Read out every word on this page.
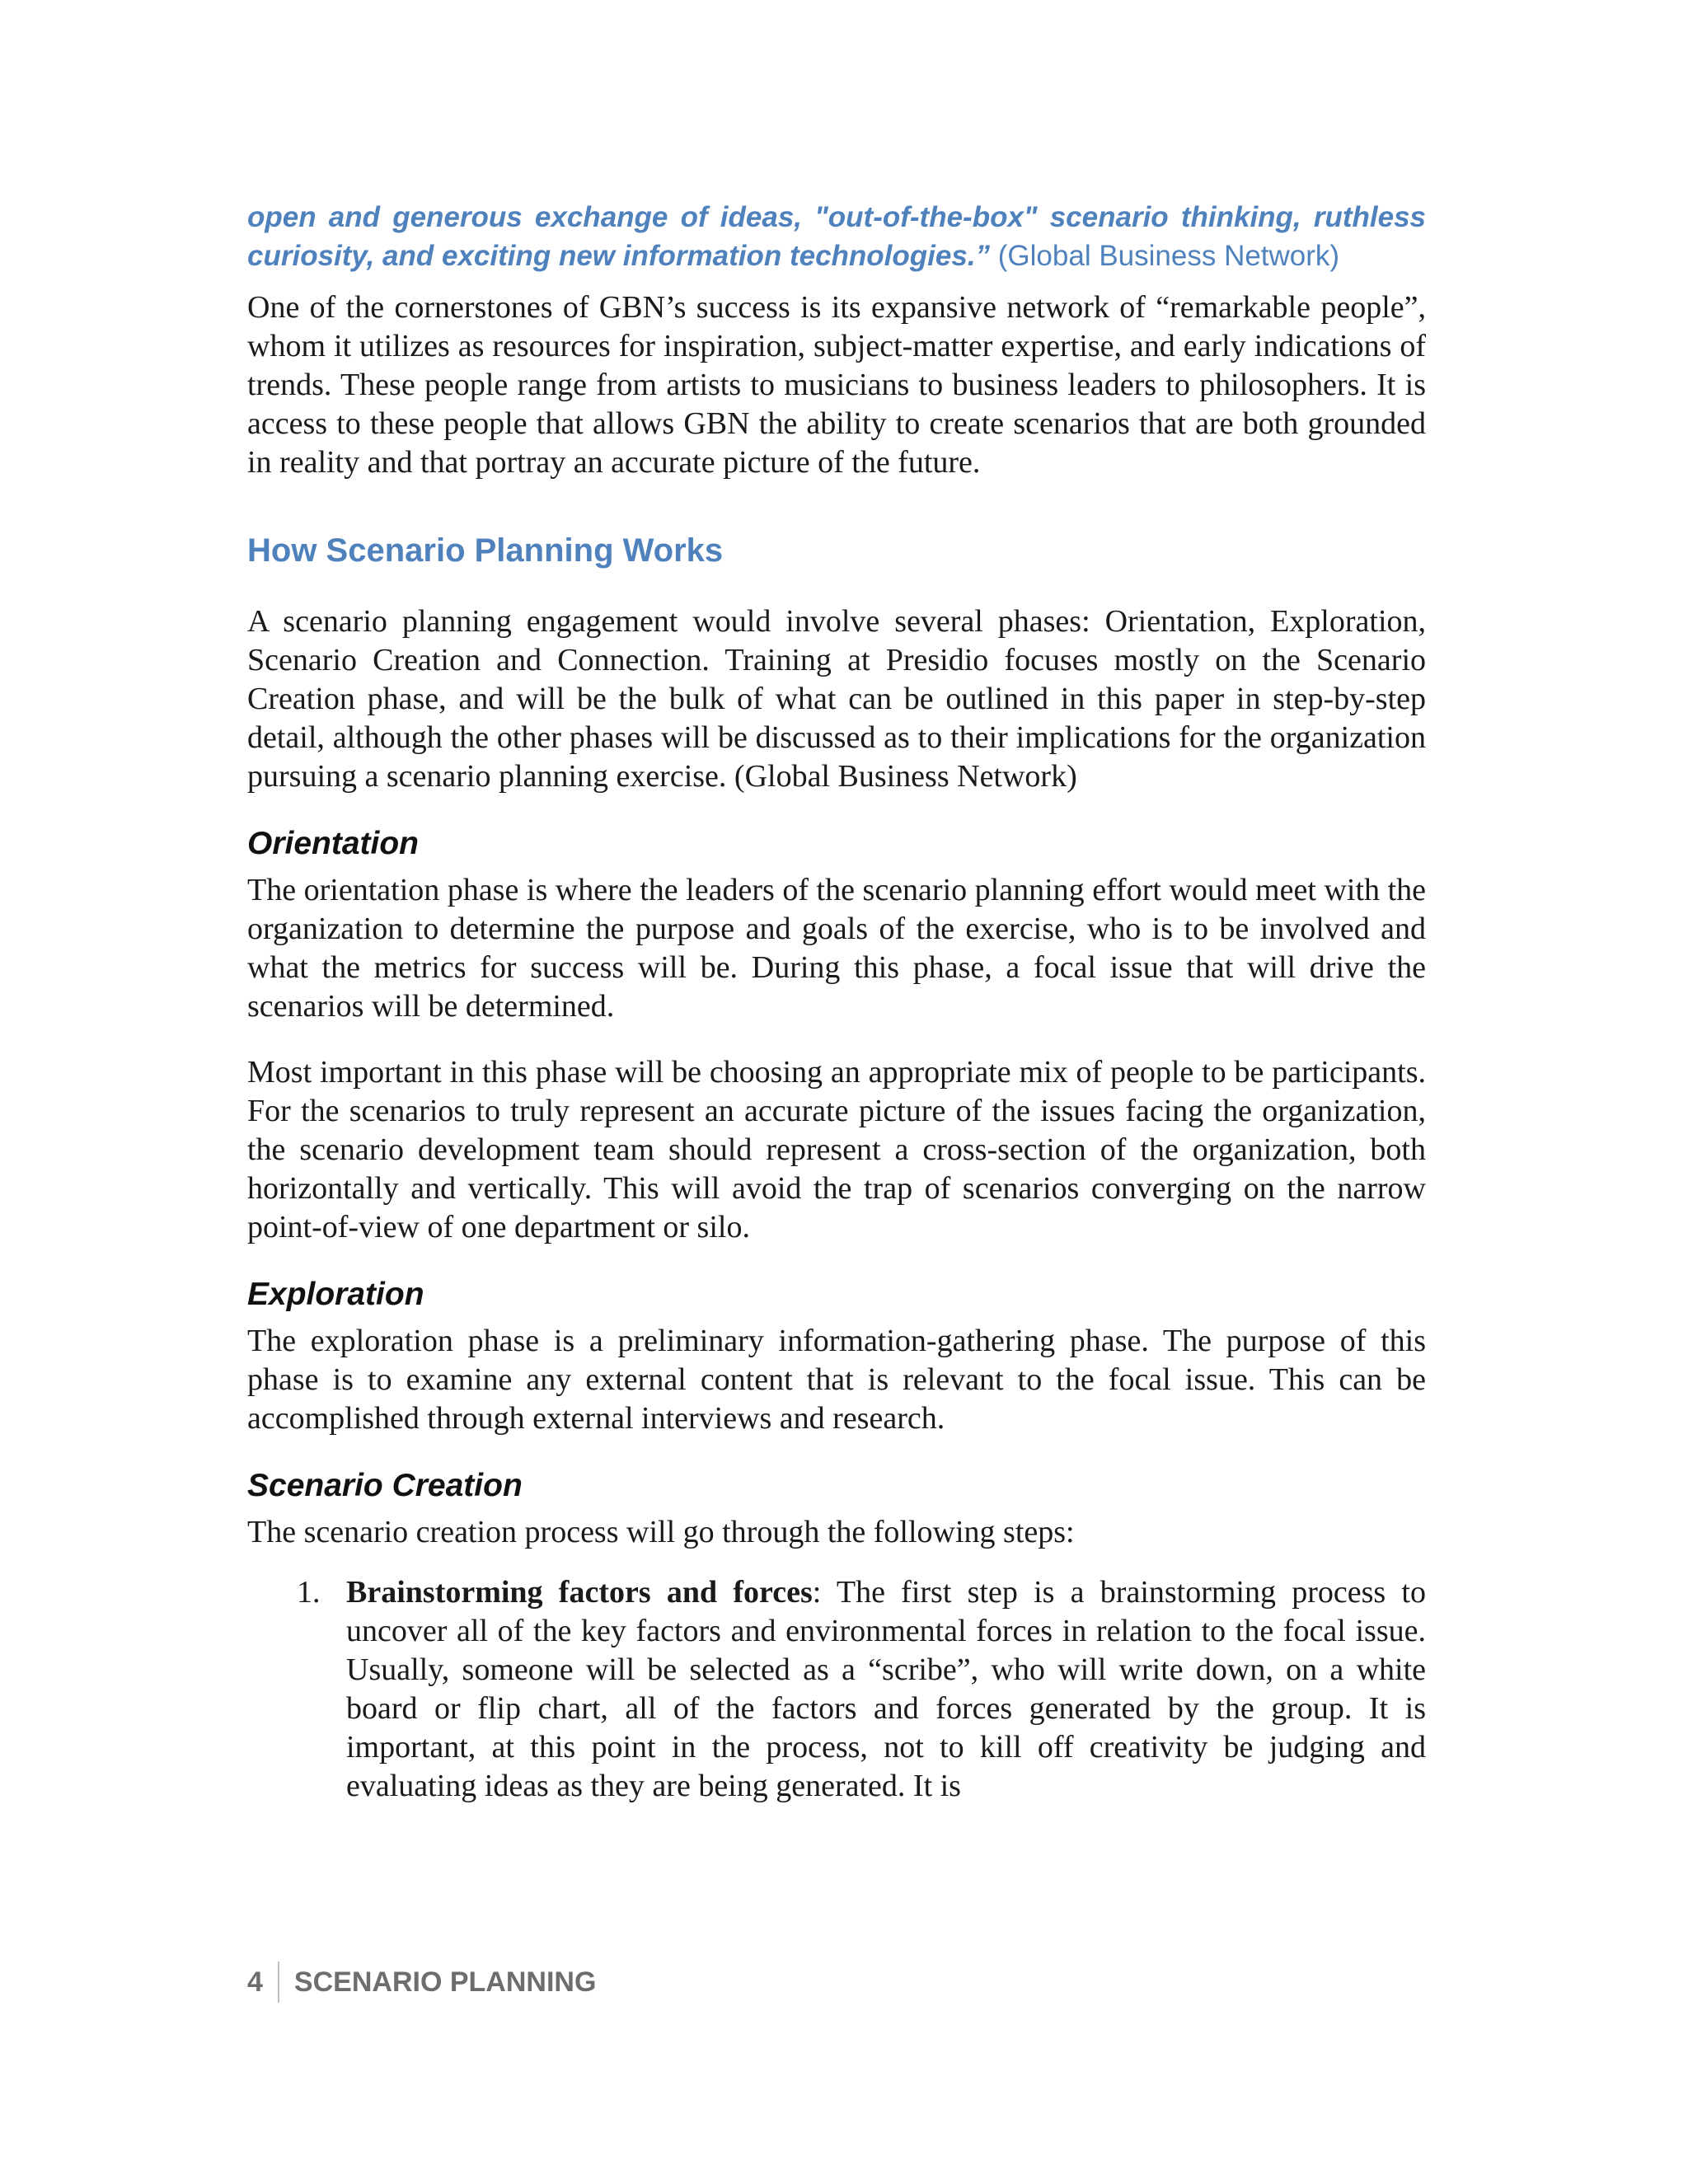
open and generous exchange of ideas, "out-of-the-box" scenario thinking, ruthless curiosity, and exciting new information technologies.” (Global Business Network)

One of the cornerstones of GBN’s success is its expansive network of “remarkable people”, whom it utilizes as resources for inspiration, subject-matter expertise, and early indications of trends. These people range from artists to musicians to business leaders to philosophers. It is access to these people that allows GBN the ability to create scenarios that are both grounded in reality and that portray an accurate picture of the future.

How Scenario Planning Works

A scenario planning engagement would involve several phases: Orientation, Exploration, Scenario Creation and Connection. Training at Presidio focuses mostly on the Scenario Creation phase, and will be the bulk of what can be outlined in this paper in step-by-step detail, although the other phases will be discussed as to their implications for the organization pursuing a scenario planning exercise. (Global Business Network)

Orientation

The orientation phase is where the leaders of the scenario planning effort would meet with the organization to determine the purpose and goals of the exercise, who is to be involved and what the metrics for success will be. During this phase, a focal issue that will drive the scenarios will be determined.

Most important in this phase will be choosing an appropriate mix of people to be participants. For the scenarios to truly represent an accurate picture of the issues facing the organization, the scenario development team should represent a cross-section of the organization, both horizontally and vertically. This will avoid the trap of scenarios converging on the narrow point-of-view of one department or silo.

Exploration

The exploration phase is a preliminary information-gathering phase. The purpose of this phase is to examine any external content that is relevant to the focal issue. This can be accomplished through external interviews and research.

Scenario Creation

The scenario creation process will go through the following steps:

1. Brainstorming factors and forces: The first step is a brainstorming process to uncover all of the key factors and environmental forces in relation to the focal issue. Usually, someone will be selected as a “scribe”, who will write down, on a white board or flip chart, all of the factors and forces generated by the group. It is important, at this point in the process, not to kill off creativity be judging and evaluating ideas as they are being generated. It is
4	SCENARIO PLANNING
